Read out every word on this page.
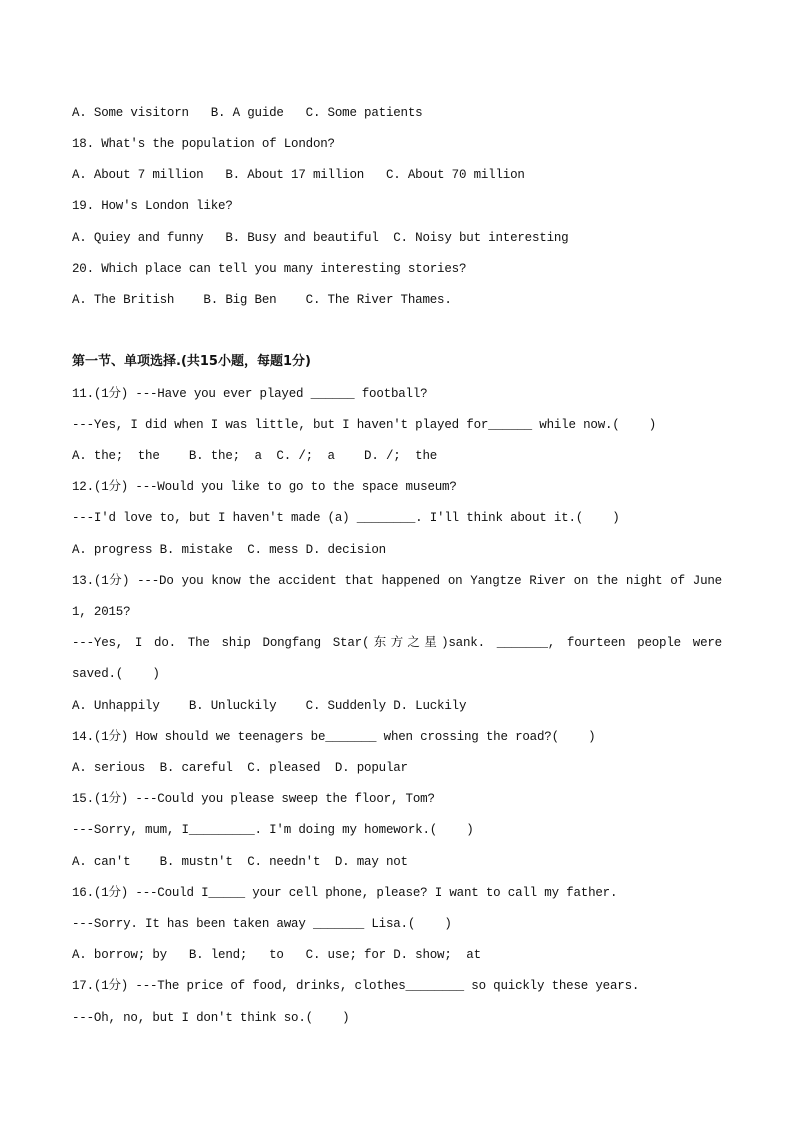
A. Some visitorn   B. A guide   C. Some patients
18. What's the population of London?
A. About 7 million   B. About 17 million   C. About 70 million
19. How's London like?
A. Quiey and funny   B. Busy and beautiful  C. Noisy but interesting
20. Which place can tell you many interesting stories?
A. The British    B. Big Ben    C. The River Thames.
第一节、单项选择.(共15小题，每题1分)
11.(1分) ---Have you ever played ______ football?
---Yes, I did when I was little, but I haven't played for______ while now.(    )
A. the;  the    B. the;  a  C. /;  a    D. /;  the
12.(1分) ---Would you like to go to the space museum?
---I'd love to, but I haven't made (a) ________. I'll think about it.(    )
A. progress B. mistake  C. mess D. decision
13.(1分) ---Do you know the accident that happened on Yangtze River on the night of June
1, 2015?
---Yes, I do. The ship Dongfang Star(东方之星)sank. _______, fourteen people were
saved.(    )
A. Unhappily    B. Unluckily    C. Suddenly D. Luckily
14.(1分) How should we teenagers be_______ when crossing the road?(    )
A. serious  B. careful  C. pleased  D. popular
15.(1分) ---Could you please sweep the floor, Tom?
---Sorry, mum, I_________. I'm doing my homework.(    )
A. can't    B. mustn't  C. needn't  D. may not
16.(1分) ---Could I_____ your cell phone, please? I want to call my father.
---Sorry. It has been taken away _______ Lisa.(    )
A. borrow; by   B. lend;   to   C. use; for D. show;  at
17.(1分) ---The price of food, drinks, clothes________ so quickly these years.
---Oh, no, but I don't think so.(    )
